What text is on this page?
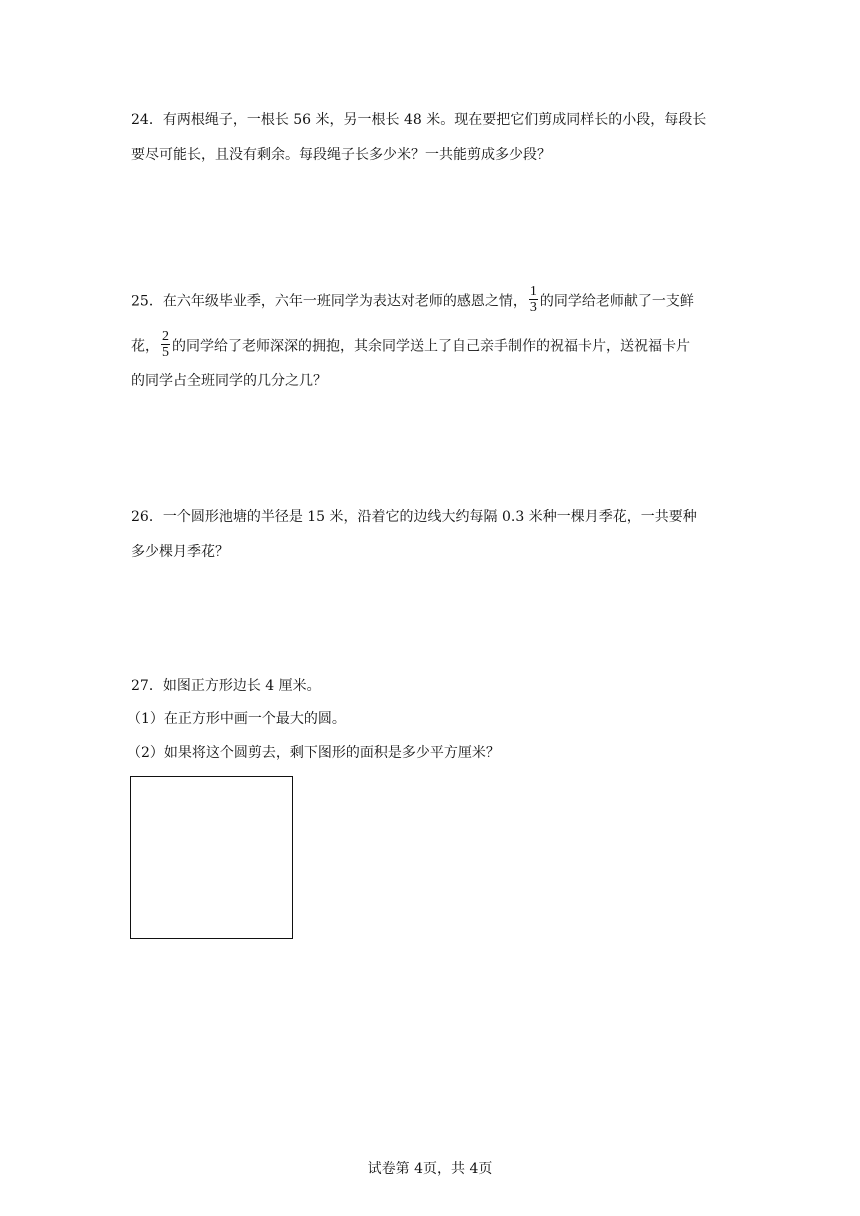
24．有两根绳子，一根长 56 米，另一根长 48 米。现在要把它们剪成同样长的小段，每段长
要尽可能长，且没有剩余。每段绳子长多少米？一共能剪成多少段？
25．在六年级毕业季，六年一班同学为表达对老师的感恩之情， $\frac{1}{3}$ 的同学给老师献了一支鲜
花， $\frac{2}{5}$ 的同学给了老师深深的拥抱，其余同学送上了自己亲手制作的祝福卡片，送祝福卡片
的同学占全班同学的几分之几？
26．一个圆形池塘的半径是 15 米，沿着它的边线大约每隔 0.3 米种一棵月季花，一共要种
多少棵月季花？
27．如图正方形边长 4 厘米。
（1）在正方形中画一个最大的圆。
（2）如果将这个圆剪去，剩下图形的面积是多少平方厘米？
试卷第 4页，共 4页
